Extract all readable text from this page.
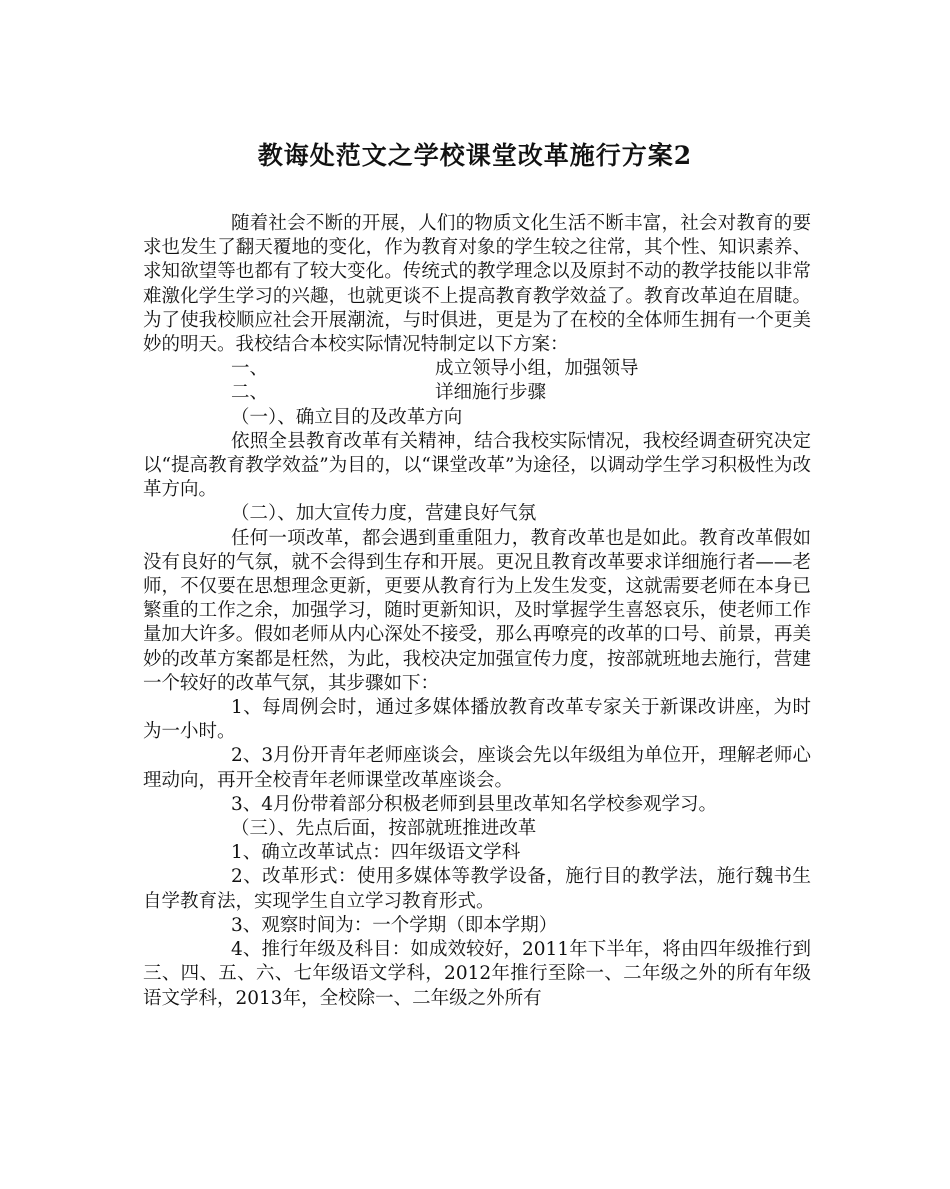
教诲处范文之学校课堂改革施行方案2

随着社会不断的开展，人们的物质文化生活不断丰富，社会对教育的要求也发生了翻天覆地的变化，作为教育对象的学生较之往常，其个性、知识素养、求知欲望等也都有了较大变化。传统式的教学理念以及原封不动的教学技能以非常难激化学生学习的兴趣，也就更谈不上提高教育教学效益了。教育改革迫在眉睫。为了使我校顺应社会开展潮流，与时俱进，更是为了在校的全体师生拥有一个更美妙的明天。我校结合本校实际情况特制定以下方案：

一、	成立领导小组，加强领导
二、	详细施行步骤

（一）、确立目的及改革方向

依照全县教育改革有关精神，结合我校实际情况，我校经调查研究决定以“提高教育教学效益”为目的，以“课堂改革”为途径，以调动学生学习积极性为改革方向。

（二）、加大宣传力度，营建良好气氛

任何一项改革，都会遇到重重阻力，教育改革也是如此。教育改革假如没有良好的气氛，就不会得到生存和开展。更况且教育改革要求详细施行者——老师，不仅要在思想理念更新，更要从教育行为上发生发变，这就需要老师在本身已繁重的工作之余，加强学习，随时更新知识，及时掌握学生喜怒哀乐，使老师工作量加大许多。假如老师从内心深处不接受，那么再嘹亮的改革的口号、前景，再美妙的改革方案都是枉然，为此，我校决定加强宣传力度，按部就班地去施行，营建一个较好的改革气氛，其步骤如下：

1、每周例会时，通过多媒体播放教育改革专家关于新课改讲座，为时为一小时。

2、3月份开青年老师座谈会，座谈会先以年级组为单位开，理解老师心理动向，再开全校青年老师课堂改革座谈会。

3、4月份带着部分积极老师到县里改革知名学校参观学习。

（三）、先点后面，按部就班推进改革

1、确立改革试点：四年级语文学科

2、改革形式：使用多媒体等教学设备，施行目的教学法，施行魏书生自学教育法，实现学生自立学习教育形式。

3、观察时间为：一个学期（即本学期）

4、推行年级及科目：如成效较好，2011年下半年，将由四年级推行到三、四、五、六、七年级语文学科，2012年推行至除一、二年级之外的所有年级语文学科，2013年，全校除一、二年级之外所有
